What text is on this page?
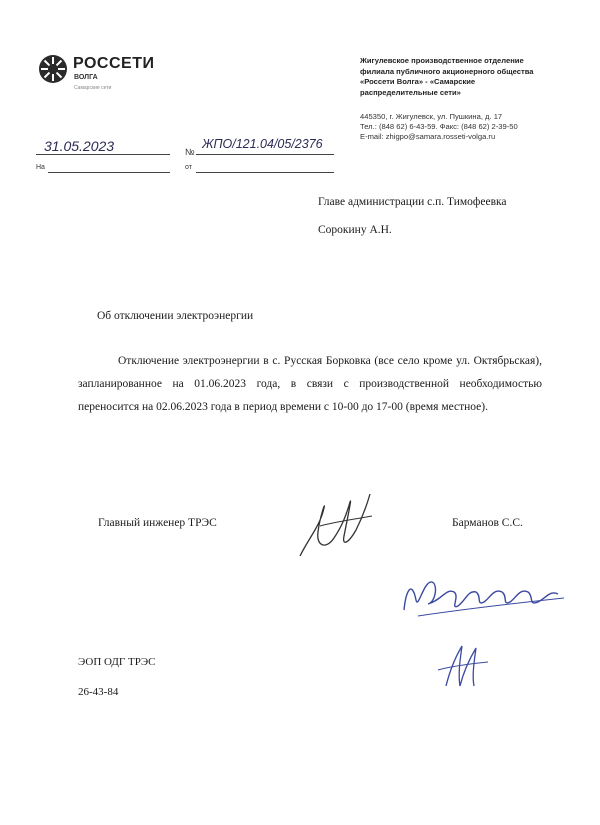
РОССЕТИ
ВОЛГА
Самарские сети
Жигулевское производственное отделение
филиала публичного акционерного общества
«Россети Волга» - «Самарские
распределительные сети»
445350, г. Жигулевск, ул. Пушкина, д. 17
Тел.: (848 62) 6-43-59. Факс: (848 62) 2-39-50
E-mail: zhigpo@samara.rosseti-volga.ru
31.05.2023	№
ЖПО/121.04/05/2376
На	от
Главе администрации с.п. Тимофеевка
Сорокину А.Н.
Об отключении электроэнергии
Отключение электроэнергии в с. Русская Борковка (все село кроме ул. Октябрьская), запланированное на 01.06.2023 года, в связи с производственной необходимостью переносится на 02.06.2023 года в период времени с 10-00 до 17-00 (время местное).
Главный инженер ТРЭС	Барманов С.С.
ЭОП ОДГ ТРЭС
26-43-84
